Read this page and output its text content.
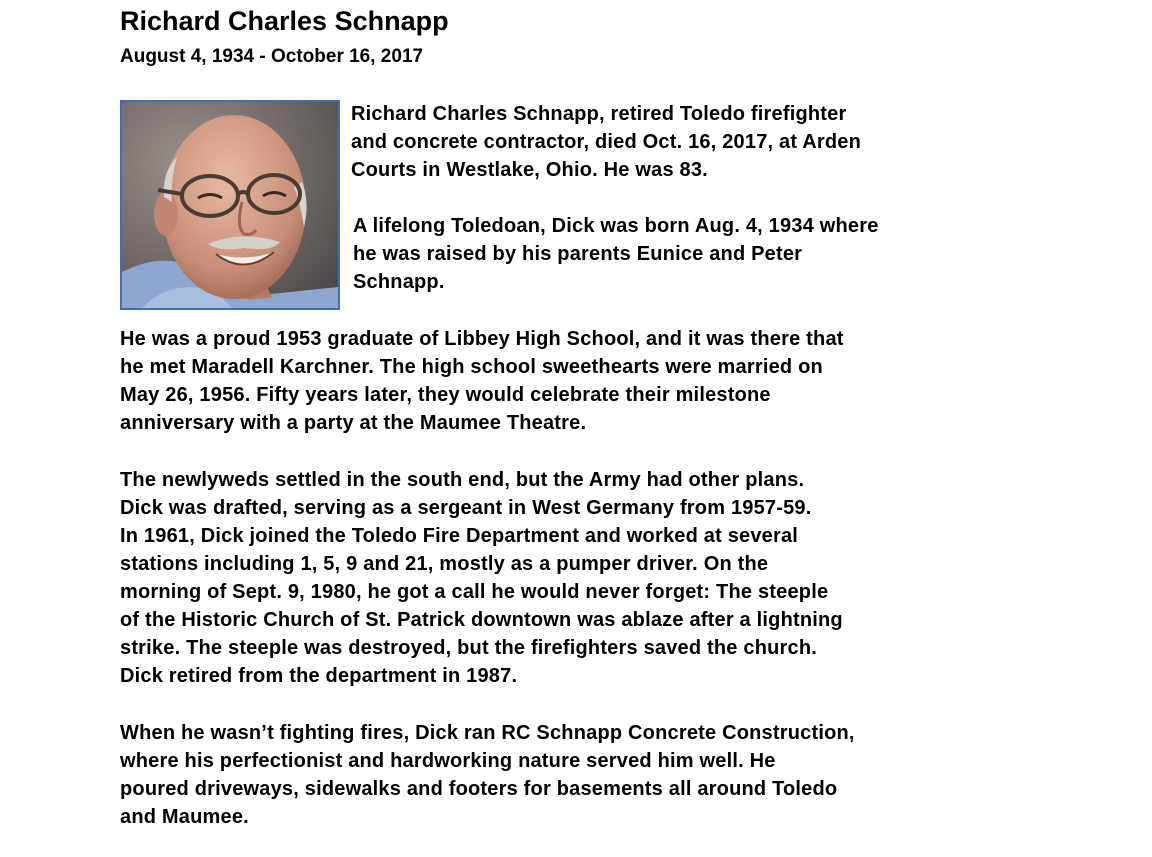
Richard Charles Schnapp
August 4, 1934 - October 16, 2017

Richard Charles Schnapp, retired Toledo firefighter
and concrete contractor, died Oct. 16, 2017, at Arden
Courts in Westlake, Ohio. He was 83.

A lifelong Toledoan, Dick was born Aug. 4, 1934 where
he was raised by his parents Eunice and Peter
Schnapp.

He was a proud 1953 graduate of Libbey High School, and it was there that
he met Maradell Karchner. The high school sweethearts were married on
May 26, 1956. Fifty years later, they would celebrate their milestone
anniversary with a party at the Maumee Theatre.

The newlyweds settled in the south end, but the Army had other plans.
Dick was drafted, serving as a sergeant in West Germany from 1957-59.
In 1961, Dick joined the Toledo Fire Department and worked at several
stations including 1, 5, 9 and 21, mostly as a pumper driver. On the
morning of Sept. 9, 1980, he got a call he would never forget: The steeple
of the Historic Church of St. Patrick downtown was ablaze after a lightning
strike. The steeple was destroyed, but the firefighters saved the church.
Dick retired from the department in 1987.

When he wasn’t fighting fires, Dick ran RC Schnapp Concrete Construction,
where his perfectionist and hardworking nature served him well. He
poured driveways, sidewalks and footers for basements all around Toledo
and Maumee.
